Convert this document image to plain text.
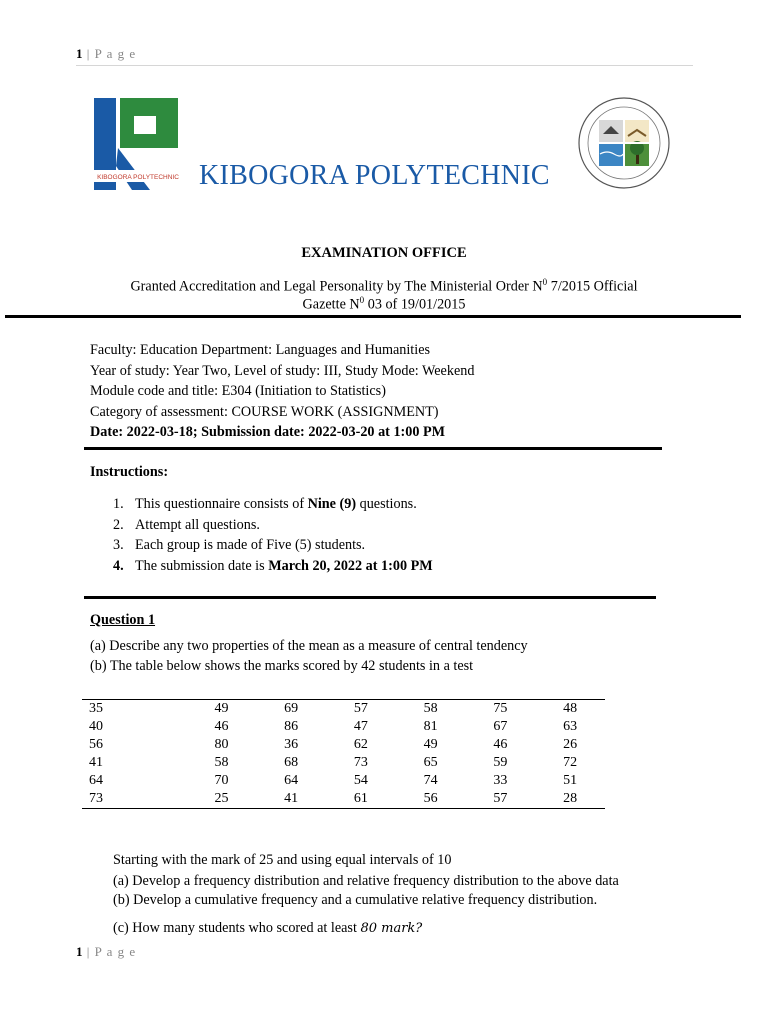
1 | P a g e
KIBOGORA POLYTECHNIC KIBOGORA POLYTECHNIC
EXAMINATION OFFICE
Granted Accreditation and Legal Personality by The Ministerial Order $N^0$ 7/2015 Official
Gazette $N^0$ 03 of 19/01/2015
Faculty: Education Department: Languages and Humanities
Year of study: Year Two, Level of study: III, Study Mode: Weekend
Module code and title: E304 (Initiation to Statistics)
Category of assessment: COURSE WORK (ASSIGNMENT)
Date: 2022-03-18; Submission date: 2022-03-20 at 1:00 PM
Instructions:
1. This questionnaire consists of Nine (9) questions.
2. Attempt all questions.
3. Each group is made of Five (5) students.
4. The submission date is March 20, 2022 at 1:00 PM
Question 1
(a) Describe any two properties of the mean as a measure of central tendency
(b) The table below shows the marks scored by 42 students in a test
35	49	69	57	58	75	48
40	46	86	47	81	67	63
56	80	36	62	49	46	26
41	58	68	73	65	59	72
64	70	64	54	74	33	51
73	25	41	61	56	57	28
Starting with the mark of 25 and using equal intervals of 10
(a) Develop a frequency distribution and relative frequency distribution to the above data
(b) Develop a cumulative frequency and a cumulative relative frequency distribution.
(c) How many students who scored at least 80 mark?
1 | P a g e
